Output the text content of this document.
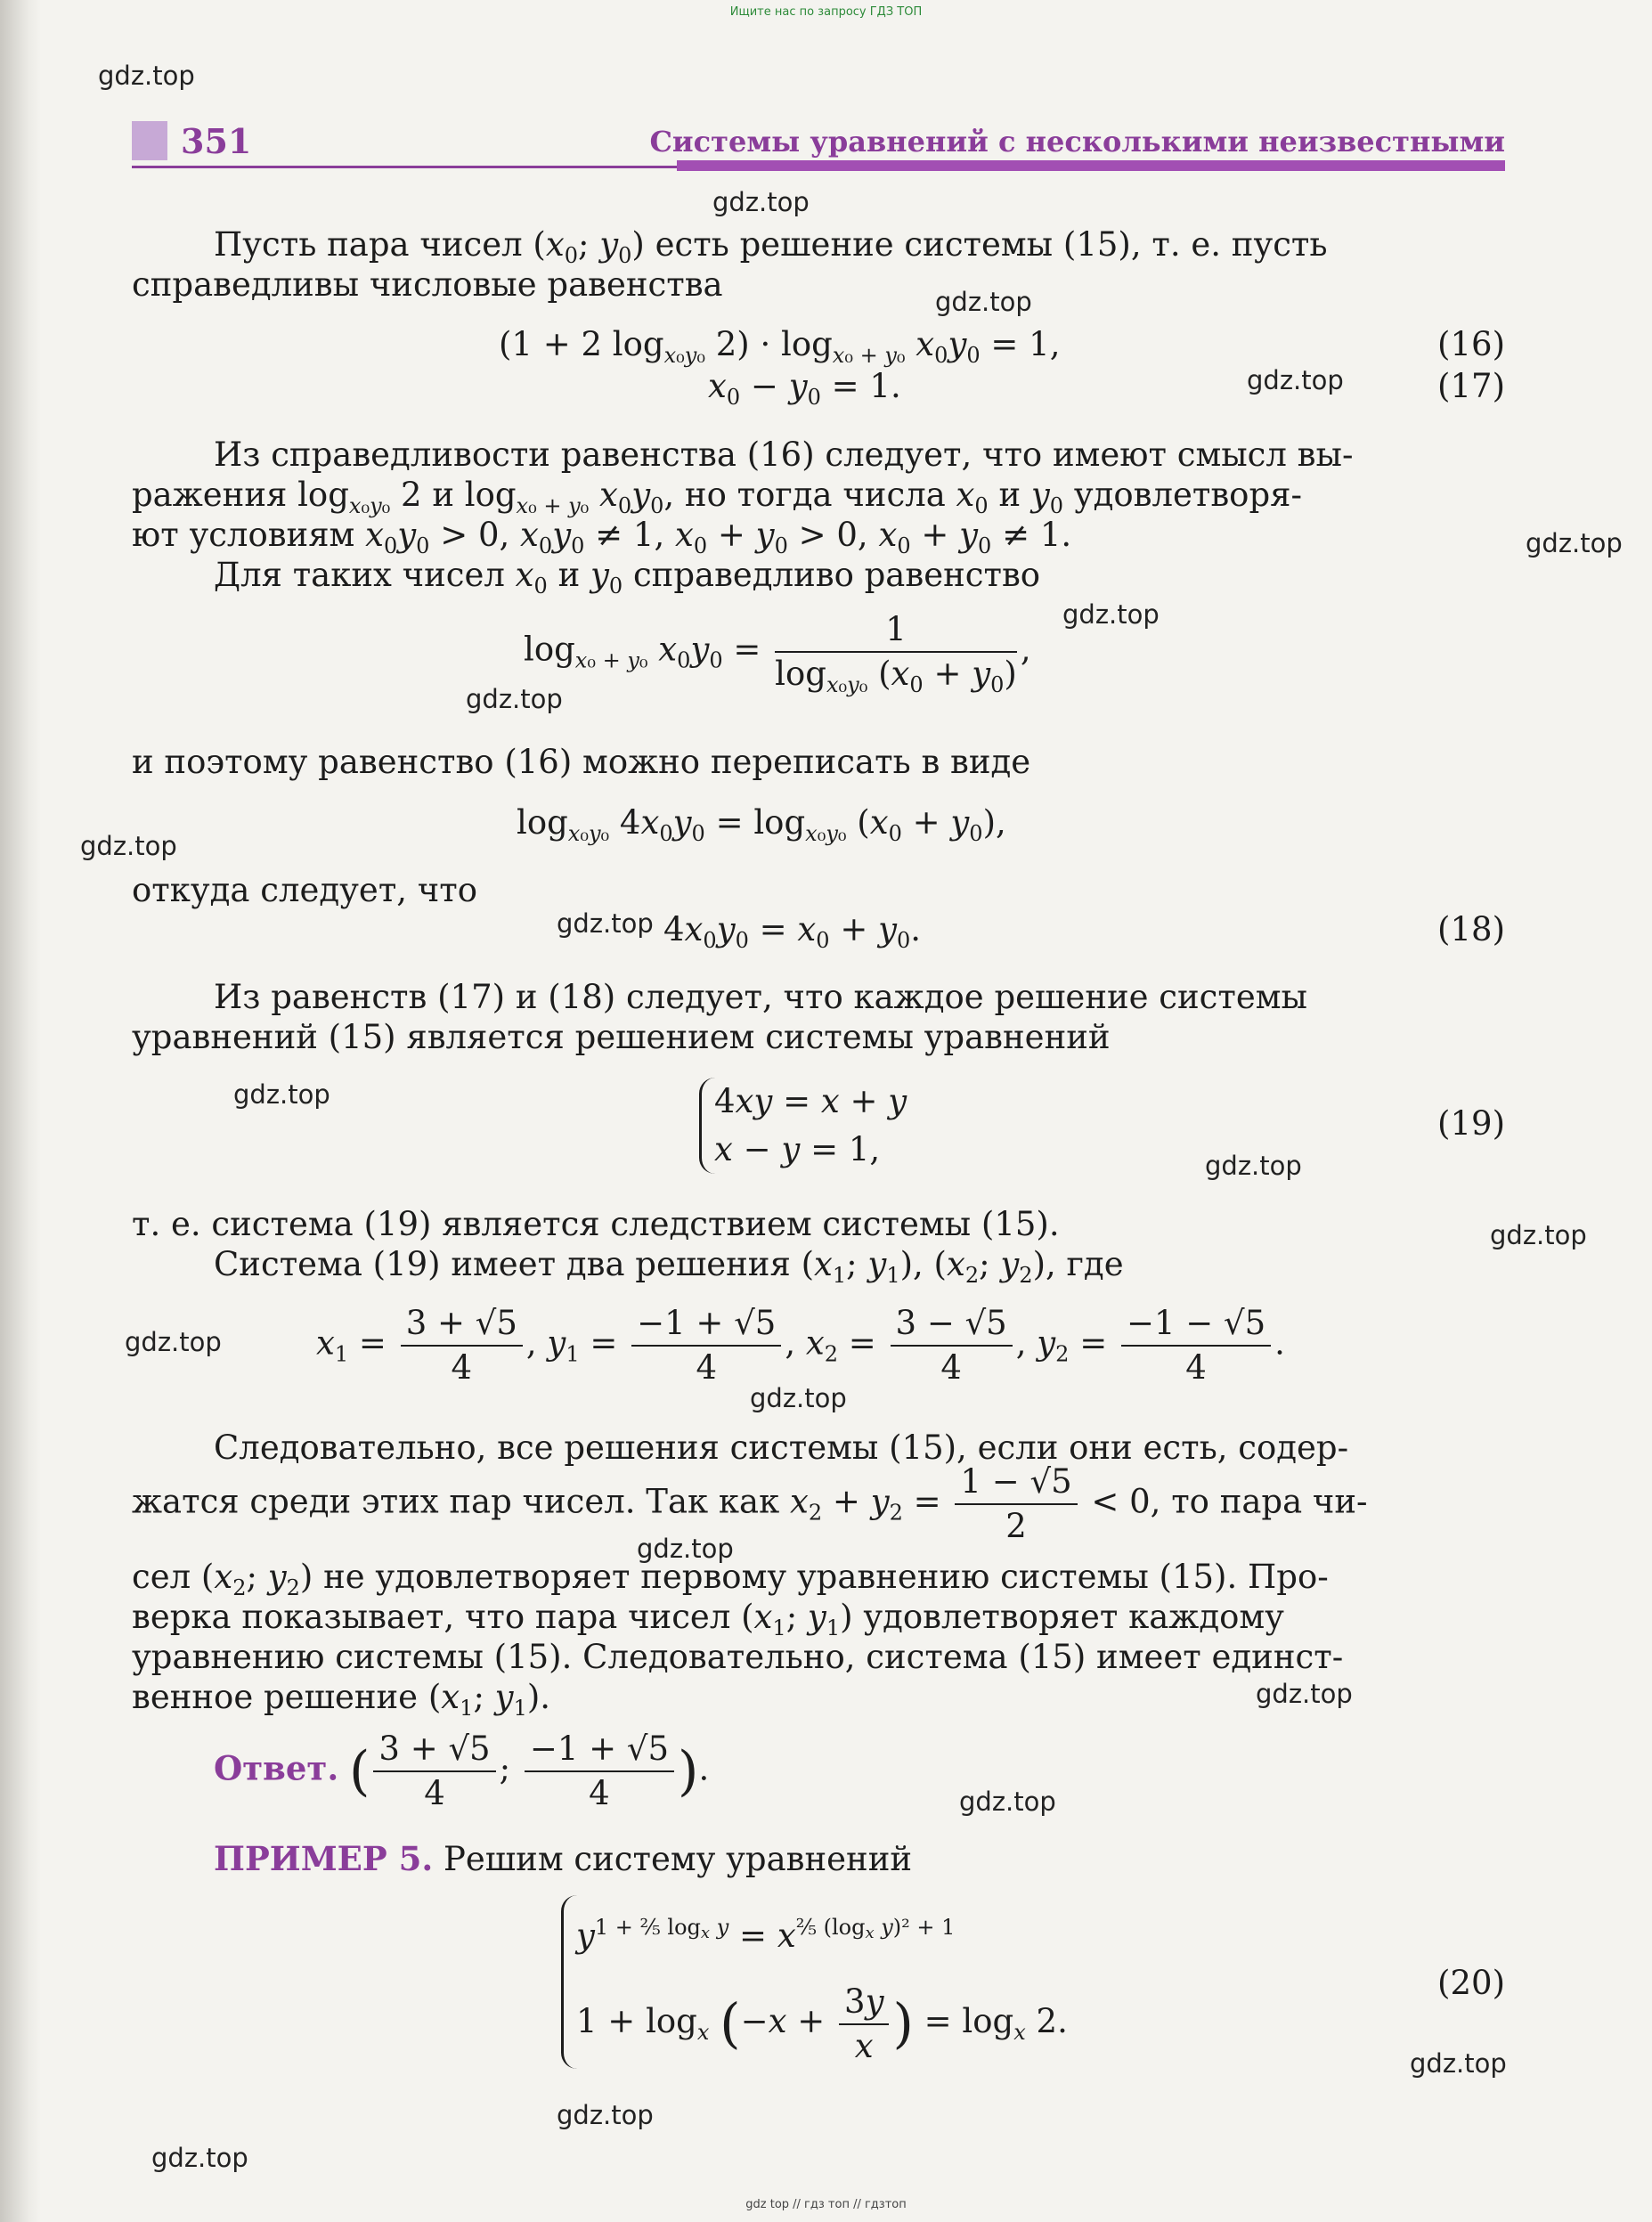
Ищите нас по запросу ГДЗ ТОП
351	Системы уравнений с несколькими неизвестными
Пусть пара чисел ($x_0$; $y_0$) есть решение системы (15), т. е. пусть
справедливы числовые равенства
(1 + 2 $\log_{x_0y_0} 2) \cdot \log_{x_0 + y_0} x_0y_0 = 1$,	(16)
$x_0 - y_0 = 1$.	(17)
Из справедливости равенства (16) следует, что имеют смысл вы-
ражения $\log_{x_0y_0} 2$ и $\log_{x_0 + y_0} x_0y_0$, но тогда числа $x_0$ и $y_0$ удовлетворя-
ют условиям $x_0y_0 > 0$, $x_0y_0 \ne 1$, $x_0 + y_0 > 0$, $x_0 + y_0 \ne 1$.
Для таких чисел $x_0$ и $y_0$ справедливо равенство
$\log_{x_0 + y_0} x_0y_0 = \frac{1}{\log_{x_0y_0} (x_0 + y_0)}$ ,
и поэтому равенство (16) можно переписать в виде
$\log_{x_0y_0} 4x_0y_0 = \log_{x_0y_0} (x_0 + y_0)$,
откуда следует, что
$4x_0y_0 = x_0 + y_0$.	(18)
Из равенств (17) и (18) следует, что каждое решение системы
уравнений (15) является решением системы уравнений
4xy = x + y
x − y = 1,
(19)
т. е. система (19) является следствием системы (15).
Система (19) имеет два решения ($x_1$; $y_1$), ($x_2$; $y_2$), где
$x_1 = \frac{3 + √5}{4}$ , $y_1 = \frac{-1 + √5}{4}$ , $x_2 = \frac{3 - √5}{4}$ , $y_2 = \frac{-1 - √5}{4}$ .
Следовательно, все решения системы (15), если они есть, содер-
жатся среди этих пар чисел. Так как $x_2 + y_2 = \frac{1 - √5}{2} < 0$, то пара чи-
сел ($x_2$; $y_2$) не удовлетворяет первому уравнению системы (15). Про-
верка показывает, что пара чисел ($x_1$; $y_1$) удовлетворяет каждому
уравнению системы (15). Следовательно, система (15) имеет единст-
венное решение ($x_1$; $y_1$).
Ответ. ( $\frac{3 + √5}{4}$ ; $\frac{-1 + √5}{4}$ ).
ПРИМЕР 5. Решим систему уравнений
$y^{1 + \frac{2}{5} log_x y} = x^{\frac{2}{5} (log_x y)^2 + 1}$
$1 + \log_x (-x + \frac{3y}{x}$ ) = $\log_x 2$.
(20)
gdz.top
gdz.top
gdz.top
gdz.top
gdz.top
gdz.top
gdz.top
gdz.top
gdz.top
gdz.top
gdz.top
gdz.top
gdz.top
gdz.top
gdz.top
gdz.top
gdz.top
gdz.top
gdz.top
gdz.top
gdz top // гдз топ // гдзтоп
